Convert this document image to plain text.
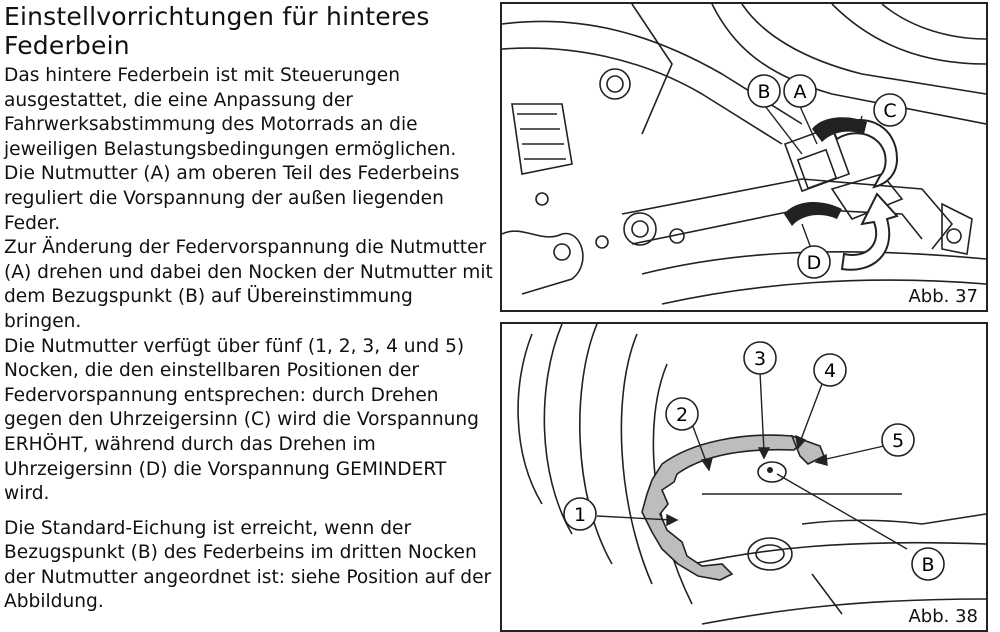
Einstellvorrichtungen für hinteres Federbein

Das hintere Federbein ist mit Steuerungen ausgestattet, die eine Anpassung der Fahrwerksabstimmung des Motorrads an die jeweiligen Belastungsbedingungen ermöglichen.

Die Nutmutter (A) am oberen Teil des Federbeins reguliert die Vorspannung der außen liegenden Feder.

Zur Änderung der Federvorspannung die Nutmutter (A) drehen und dabei den Nocken der Nutmutter mit dem Bezugspunkt (B) auf Übereinstimmung bringen.

Die Nutmutter verfügt über fünf (1, 2, 3, 4 und 5) Nocken, die den einstellbaren Positionen der Federvorspannung entsprechen: durch Drehen gegen den Uhrzeigersinn (C) wird die Vorspannung ERHÖHT, während durch das Drehen im Uhrzeigersinn (D) die Vorspannung GEMINDERT wird.

Die Standard-Eichung ist erreicht, wenn der Bezugspunkt (B) des Federbeins im dritten Nocken der Nutmutter angeordnet ist: siehe Position auf der Abbildung.

B A
C
D
Abb. 37
1
2
3
4
5
B
Abb. 38
